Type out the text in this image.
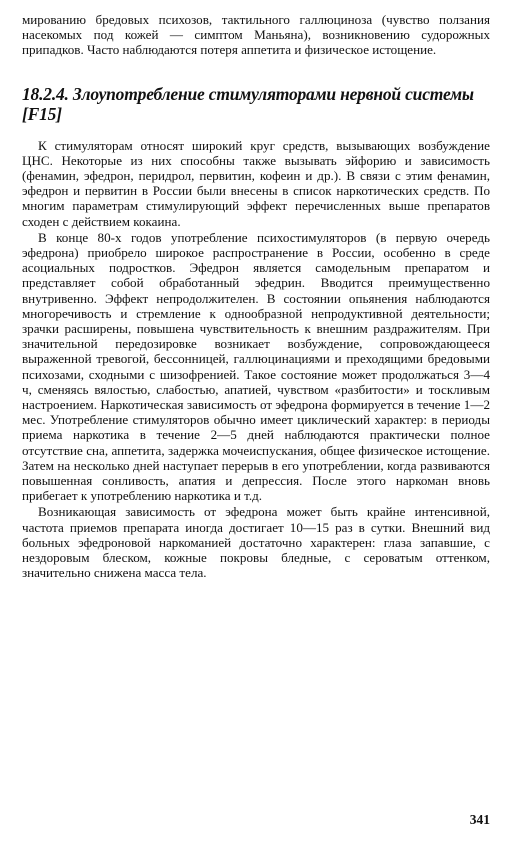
мированию бредовых психозов, тактильного галлюциноза (чувство ползания насекомых под кожей — симптом Маньяна), возникновению судорожных припадков. Часто наблюдаются потеря аппетита и физическое истощение.

18.2.4. Злоупотребление стимуляторами нервной системы [F15]

К стимуляторам относят широкий круг средств, вызывающих возбуждение ЦНС. Некоторые из них способны также вызывать эйфорию и зависимость (фенамин, эфедрон, перидрол, первитин, кофеин и др.). В связи с этим фенамин, эфедрон и первитин в России были внесены в список наркотических средств. По многим параметрам стимулирующий эффект перечисленных выше препаратов сходен с действием кокаина.

В конце 80-х годов употребление психостимуляторов (в первую очередь эфедрона) приобрело широкое распространение в России, особенно в среде асоциальных подростков. Эфедрон является самодельным препаратом и представляет собой обработанный эфедрин. Вводится преимущественно внутривенно. Эффект непродолжителен. В состоянии опьянения наблюдаются многоречивость и стремление к однообразной непродуктивной деятельности; зрачки расширены, повышена чувствительность к внешним раздражителям. При значительной передозировке возникает возбуждение, сопровождающееся выраженной тревогой, бессонницей, галлюцинациями и преходящими бредовыми психозами, сходными с шизофренией. Такое состояние может продолжаться 3—4 ч, сменяясь вялостью, слабостью, апатией, чувством «разбитости» и тоскливым настроением. Наркотическая зависимость от эфедрона формируется в течение 1—2 мес. Употребление стимуляторов обычно имеет циклический характер: в периоды приема наркотика в течение 2—5 дней наблюдаются практически полное отсутствие сна, аппетита, задержка мочеиспускания, общее физическое истощение. Затем на несколько дней наступает перерыв в его употреблении, когда развиваются повышенная сонливость, апатия и депрессия. После этого наркоман вновь прибегает к употреблению наркотика и т.д.

Возникающая зависимость от эфедрона может быть крайне интенсивной, частота приемов препарата иногда достигает 10—15 раз в сутки. Внешний вид больных эфедроновой наркоманией достаточно характерен: глаза запавшие, с нездоровым блеском, кожные покровы бледные, с сероватым оттенком, значительно снижена масса тела.

341
